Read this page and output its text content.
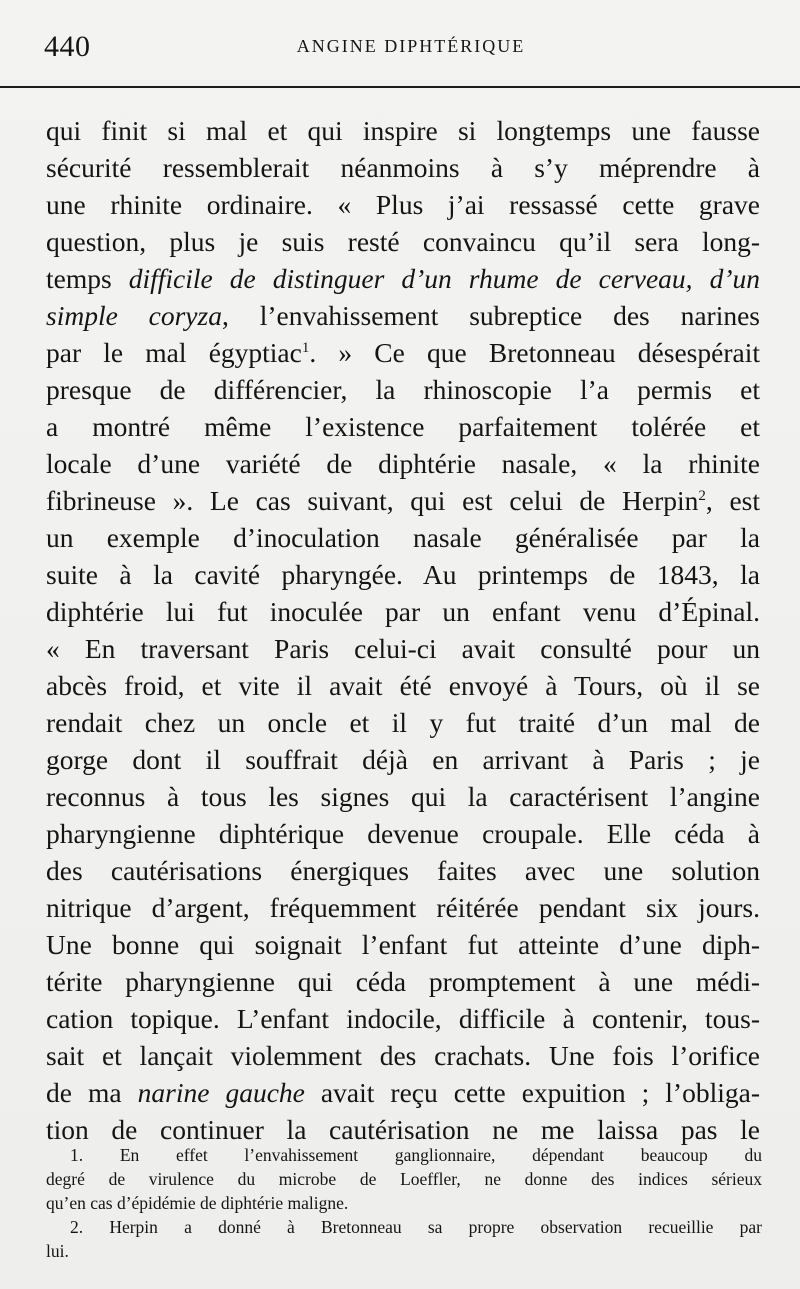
440	ANGINE DIPHTÉRIQUE
qui finit si mal et qui inspire si longtemps une fausse
sécurité ressemblerait néanmoins à s’y méprendre à
une rhinite ordinaire. « Plus j’ai ressassé cette grave
question, plus je suis resté convaincu qu’il sera long-
temps difficile de distinguer d’un rhume de cerveau, d’un
simple coryza, l’envahissement subreptice des narines
par le mal égyptiac$^1$. » Ce que Bretonneau désespérait
presque de différencier, la rhinoscopie l’a permis et
a montré même l’existence parfaitement tolérée et
locale d’une variété de diphtérie nasale, « la rhinite
fibrineuse ». Le cas suivant, qui est celui de Herpin$^2$, est
un exemple d’inoculation nasale généralisée par la
suite à la cavité pharyngée. Au printemps de 1843, la
diphtérie lui fut inoculée par un enfant venu d’Épinal.
« En traversant Paris celui-ci avait consulté pour un
abcès froid, et vite il avait été envoyé à Tours, où il se
rendait chez un oncle et il y fut traité d’un mal de
gorge dont il souffrait déjà en arrivant à Paris ; je
reconnus à tous les signes qui la caractérisent l’angine
pharyngienne diphtérique devenue croupale. Elle céda à
des cautérisations énergiques faites avec une solution
nitrique d’argent, fréquemment réitérée pendant six jours.
Une bonne qui soignait l’enfant fut atteinte d’une diph-
térite pharyngienne qui céda promptement à une médi-
cation topique. L’enfant indocile, difficile à contenir, tous-
sait et lançait violemment des crachats. Une fois l’orifice
de ma narine gauche avait reçu cette expuition ; l’obliga-
tion de continuer la cautérisation ne me laissa pas le
1. En effet l’envahissement ganglionnaire, dépendant beaucoup du
degré de virulence du microbe de Loeffler, ne donne des indices sérieux
qu’en cas d’épidémie de diphtérie maligne.
2. Herpin a donné à Bretonneau sa propre observation recueillie par
lui.
